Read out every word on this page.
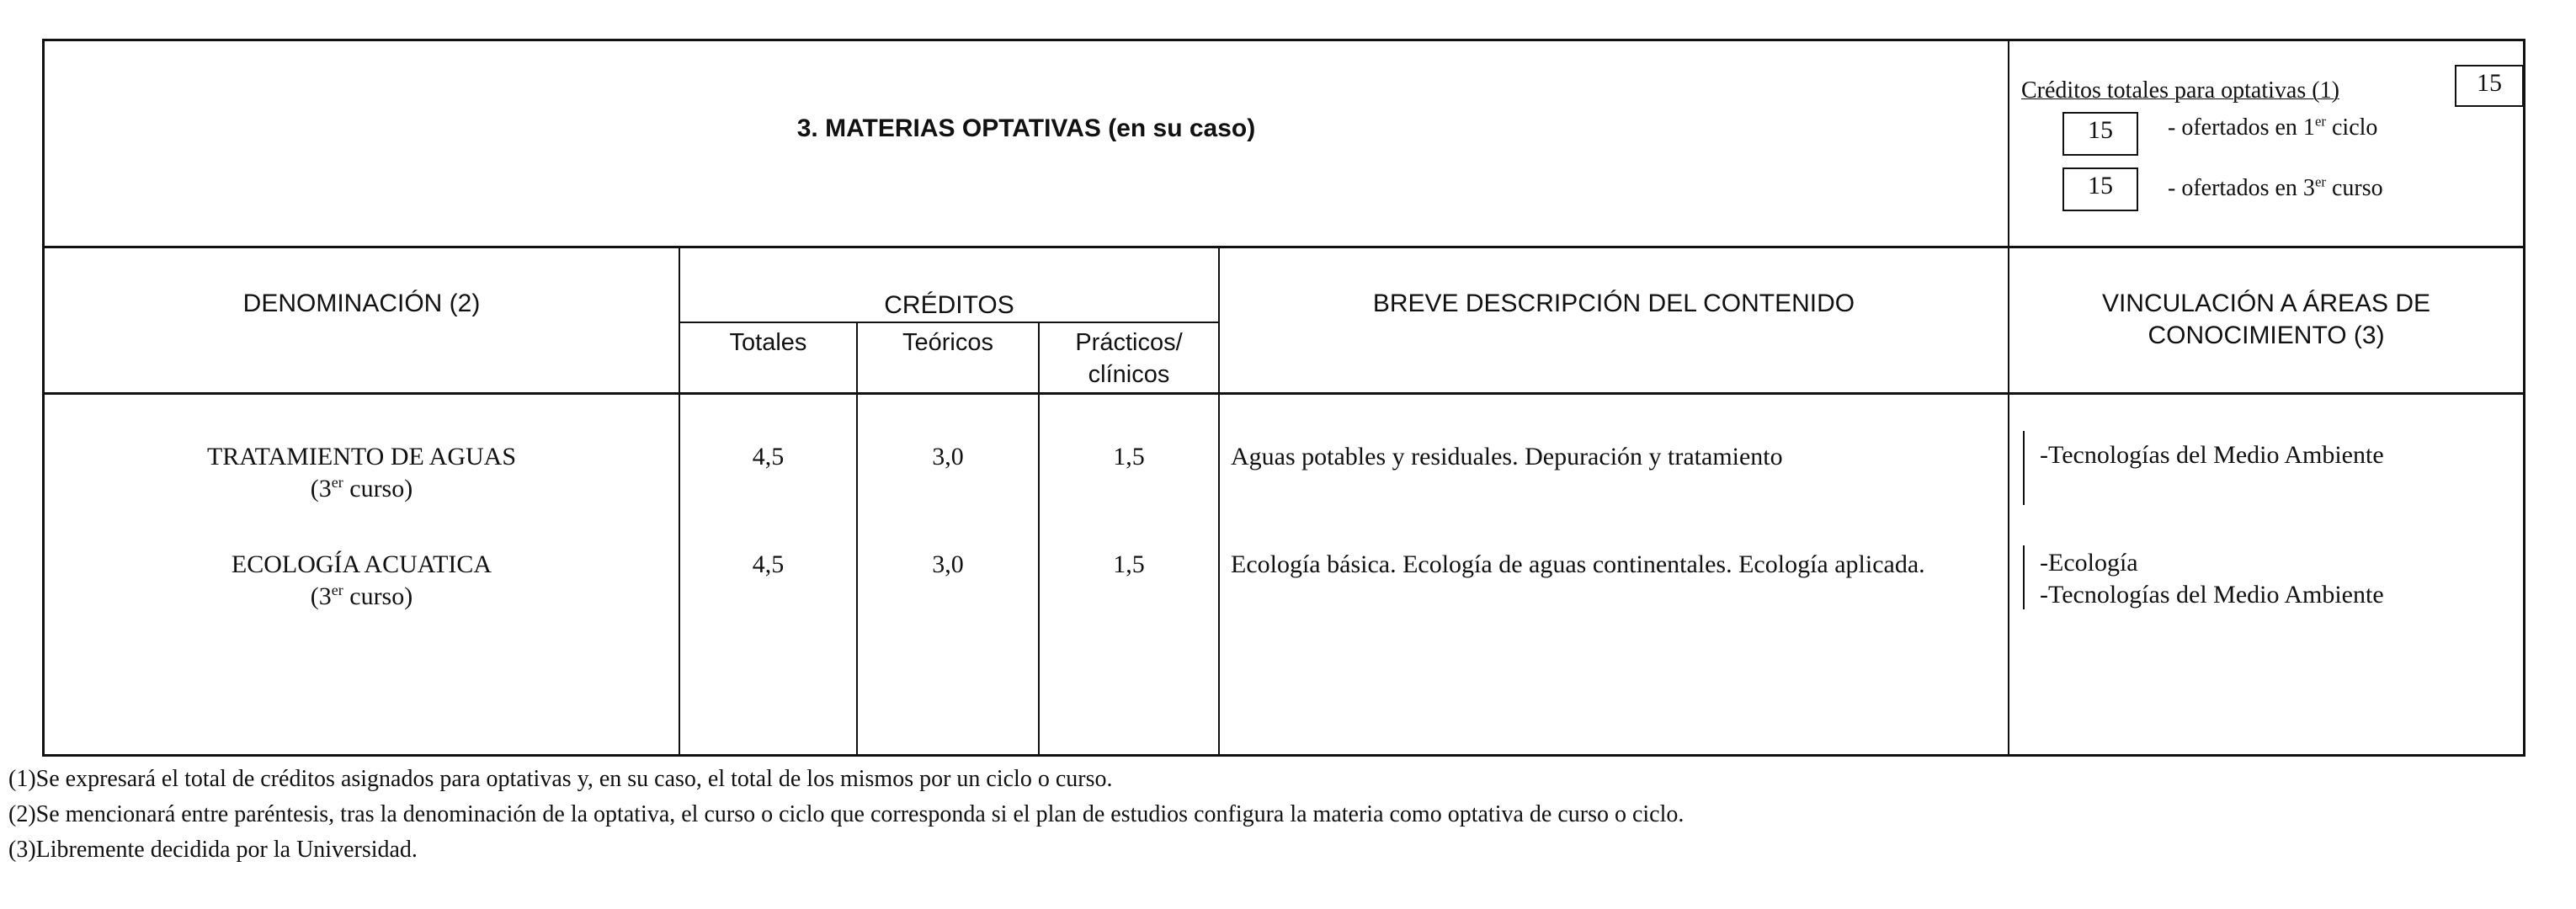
3. MATERIAS OPTATIVAS (en su caso)
Créditos totales para optativas (1)	15
15	- ofertados en 1er ciclo
15	- ofertados en 3er curso
DENOMINACIÓN (2)	CRÉDITOS
Totales	Teóricos	Prácticos/
clínicos
BREVE DESCRIPCIÓN DEL CONTENIDO	VINCULACIÓN A ÁREAS DE
CONOCIMIENTO (3)
TRATAMIENTO DE AGUAS
(3er curso)
4,5	3,0	1,5	Aguas potables y residuales. Depuración y tratamiento	-Tecnologías del Medio Ambiente
ECOLOGÍA ACUATICA
(3er curso)
4,5	3,0	1,5	Ecología básica. Ecología de aguas continentales. Ecología aplicada.	-Ecología
-Tecnologías del Medio Ambiente
(1)Se expresará el total de créditos asignados para optativas y, en su caso, el total de los mismos por un ciclo o curso.
(2)Se mencionará entre paréntesis, tras la denominación de la optativa, el curso o ciclo que corresponda si el plan de estudios configura la materia como optativa de curso o ciclo.
(3)Libremente decidida por la Universidad.
